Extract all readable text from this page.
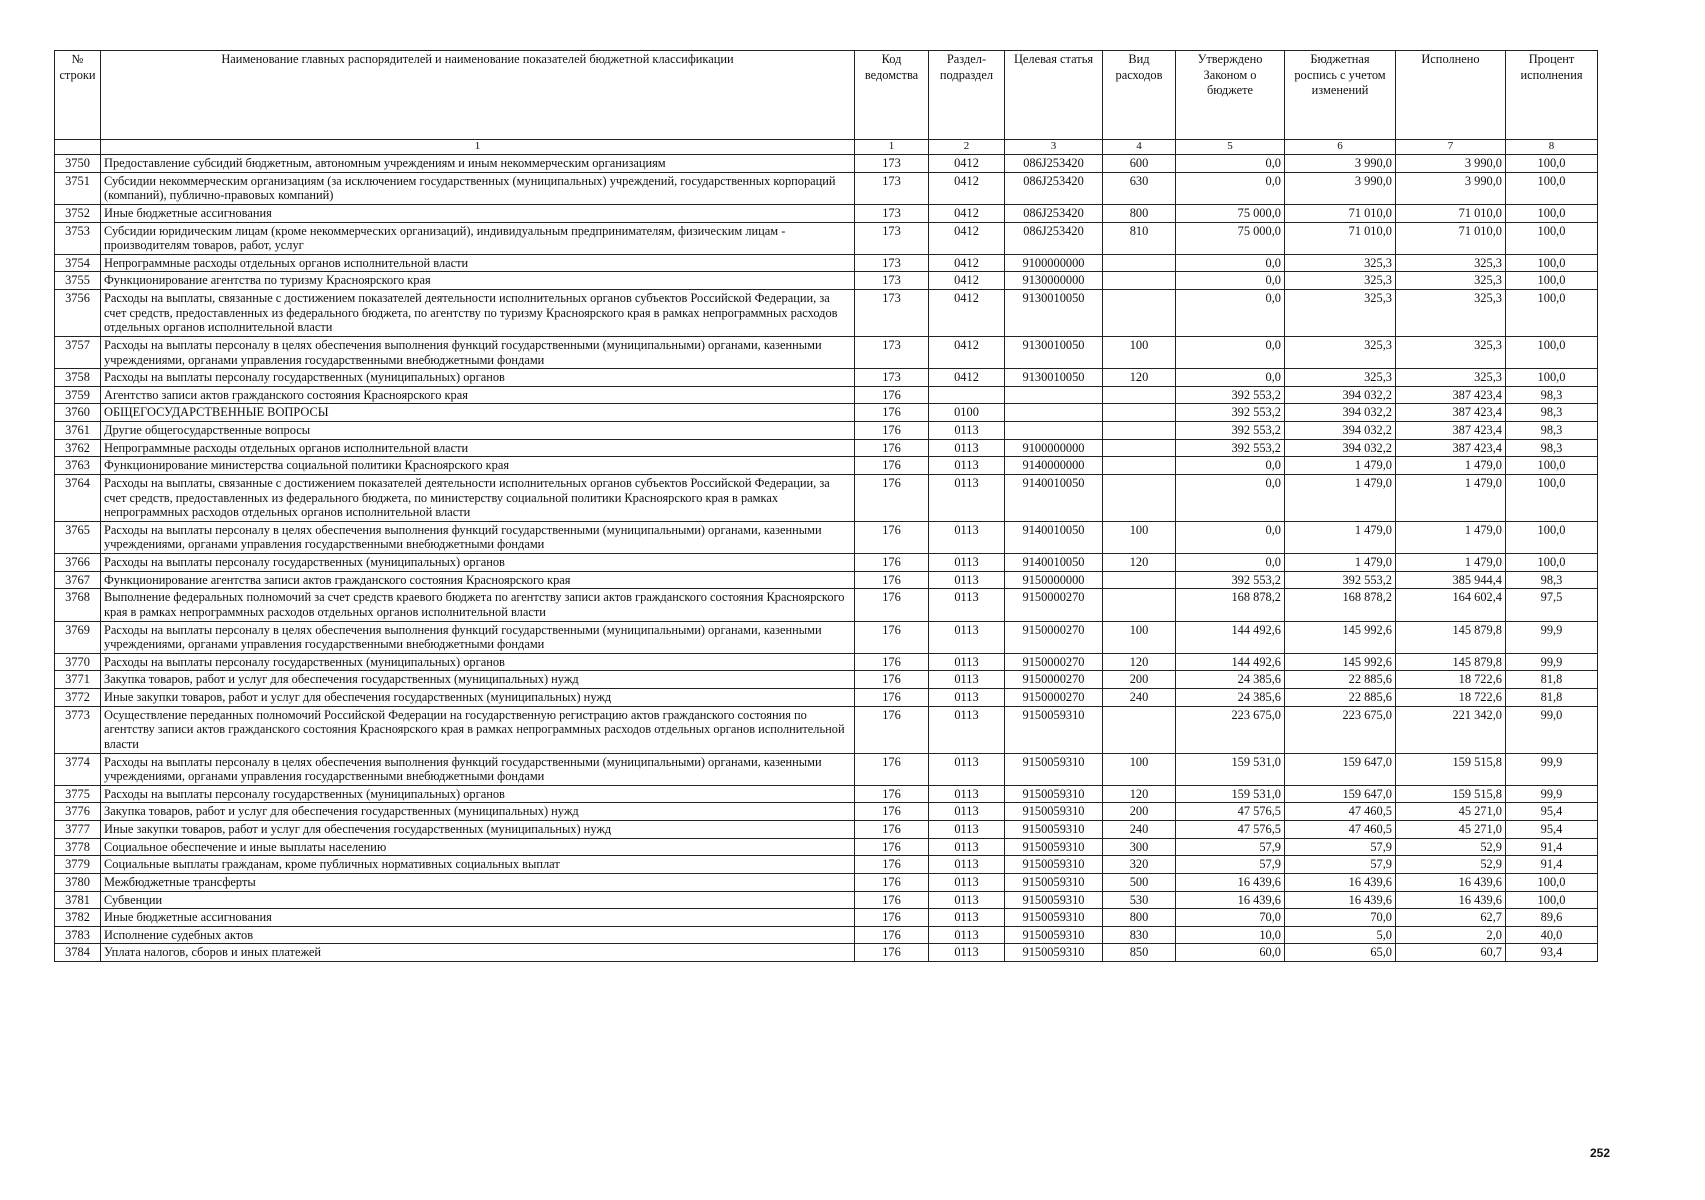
№ строки	Наименование главных распорядителей и наименование показателей бюджетной классификации	Код ведомства	Раздел-подраздел	Целевая статья	Вид расходов	Утверждено Законом о бюджете	Бюджетная роспись с учетом изменений	Исполнено	Процент исполнения
	1	1	2	3	4	5	6	7	8
3750	Предоставление субсидий бюджетным, автономным учреждениям и иным некоммерческим организациям	173	0412	086J253420	600	0,0	3 990,0	3 990,0	100,0
3751	Субсидии некоммерческим организациям (за исключением государственных (муниципальных) учреждений, государственных корпораций (компаний), публично-правовых компаний)	173	0412	086J253420	630	0,0	3 990,0	3 990,0	100,0
3752	Иные бюджетные ассигнования	173	0412	086J253420	800	75 000,0	71 010,0	71 010,0	100,0
3753	Субсидии юридическим лицам (кроме некоммерческих организаций), индивидуальным предпринимателям, физическим лицам - производителям товаров, работ, услуг	173	0412	086J253420	810	75 000,0	71 010,0	71 010,0	100,0
3754	Непрограммные расходы отдельных органов исполнительной власти	173	0412	9100000000		0,0	325,3	325,3	100,0
3755	Функционирование агентства по туризму Красноярского края	173	0412	9130000000		0,0	325,3	325,3	100,0
3756	Расходы на выплаты, связанные с достижением показателей деятельности исполнительных органов субъектов Российской Федерации, за счет средств, предоставленных из федерального бюджета, по агентству по туризму Красноярского края в рамках непрограммных расходов отдельных органов исполнительной власти	173	0412	9130010050		0,0	325,3	325,3	100,0
3757	Расходы на выплаты персоналу в целях обеспечения выполнения функций государственными (муниципальными) органами, казенными учреждениями, органами управления государственными внебюджетными фондами	173	0412	9130010050	100	0,0	325,3	325,3	100,0
3758	Расходы на выплаты персоналу государственных (муниципальных) органов	173	0412	9130010050	120	0,0	325,3	325,3	100,0
3759	Агентство записи актов гражданского состояния Красноярского края	176				392 553,2	394 032,2	387 423,4	98,3
3760	ОБЩЕГОСУДАРСТВЕННЫЕ ВОПРОСЫ	176	0100			392 553,2	394 032,2	387 423,4	98,3
3761	Другие общегосударственные вопросы	176	0113			392 553,2	394 032,2	387 423,4	98,3
3762	Непрограммные расходы отдельных органов исполнительной власти	176	0113	9100000000		392 553,2	394 032,2	387 423,4	98,3
3763	Функционирование министерства социальной политики Красноярского края	176	0113	9140000000		0,0	1 479,0	1 479,0	100,0
3764	Расходы на выплаты, связанные с достижением показателей деятельности исполнительных органов субъектов Российской Федерации, за счет средств, предоставленных из федерального бюджета, по министерству социальной политики Красноярского края в рамках непрограммных расходов отдельных органов исполнительной власти	176	0113	9140010050		0,0	1 479,0	1 479,0	100,0
3765	Расходы на выплаты персоналу в целях обеспечения выполнения функций государственными (муниципальными) органами, казенными учреждениями, органами управления государственными внебюджетными фондами	176	0113	9140010050	100	0,0	1 479,0	1 479,0	100,0
3766	Расходы на выплаты персоналу государственных (муниципальных) органов	176	0113	9140010050	120	0,0	1 479,0	1 479,0	100,0
3767	Функционирование агентства записи актов гражданского состояния Красноярского края	176	0113	9150000000		392 553,2	392 553,2	385 944,4	98,3
3768	Выполнение федеральных полномочий за счет средств краевого бюджета по агентству записи актов гражданского состояния Красноярского края в рамках непрограммных расходов отдельных органов исполнительной власти	176	0113	9150000270		168 878,2	168 878,2	164 602,4	97,5
3769	Расходы на выплаты персоналу в целях обеспечения выполнения функций государственными (муниципальными) органами, казенными учреждениями, органами управления государственными внебюджетными фондами	176	0113	9150000270	100	144 492,6	145 992,6	145 879,8	99,9
3770	Расходы на выплаты персоналу государственных (муниципальных) органов	176	0113	9150000270	120	144 492,6	145 992,6	145 879,8	99,9
3771	Закупка товаров, работ и услуг для обеспечения государственных (муниципальных) нужд	176	0113	9150000270	200	24 385,6	22 885,6	18 722,6	81,8
3772	Иные закупки товаров, работ и услуг для обеспечения государственных (муниципальных) нужд	176	0113	9150000270	240	24 385,6	22 885,6	18 722,6	81,8
3773	Осуществление переданных полномочий Российской Федерации на государственную регистрацию актов гражданского состояния по агентству записи актов гражданского состояния Красноярского края в рамках непрограммных расходов отдельных органов исполнительной власти	176	0113	9150059310		223 675,0	223 675,0	221 342,0	99,0
3774	Расходы на выплаты персоналу в целях обеспечения выполнения функций государственными (муниципальными) органами, казенными учреждениями, органами управления государственными внебюджетными фондами	176	0113	9150059310	100	159 531,0	159 647,0	159 515,8	99,9
3775	Расходы на выплаты персоналу государственных (муниципальных) органов	176	0113	9150059310	120	159 531,0	159 647,0	159 515,8	99,9
3776	Закупка товаров, работ и услуг для обеспечения государственных (муниципальных) нужд	176	0113	9150059310	200	47 576,5	47 460,5	45 271,0	95,4
3777	Иные закупки товаров, работ и услуг для обеспечения государственных (муниципальных) нужд	176	0113	9150059310	240	47 576,5	47 460,5	45 271,0	95,4
3778	Социальное обеспечение и иные выплаты населению	176	0113	9150059310	300	57,9	57,9	52,9	91,4
3779	Социальные выплаты гражданам, кроме публичных нормативных социальных выплат	176	0113	9150059310	320	57,9	57,9	52,9	91,4
3780	Межбюджетные трансферты	176	0113	9150059310	500	16 439,6	16 439,6	16 439,6	100,0
3781	Субвенции	176	0113	9150059310	530	16 439,6	16 439,6	16 439,6	100,0
3782	Иные бюджетные ассигнования	176	0113	9150059310	800	70,0	70,0	62,7	89,6
3783	Исполнение судебных актов	176	0113	9150059310	830	10,0	5,0	2,0	40,0
3784	Уплата налогов, сборов и иных платежей	176	0113	9150059310	850	60,0	65,0	60,7	93,4
252
